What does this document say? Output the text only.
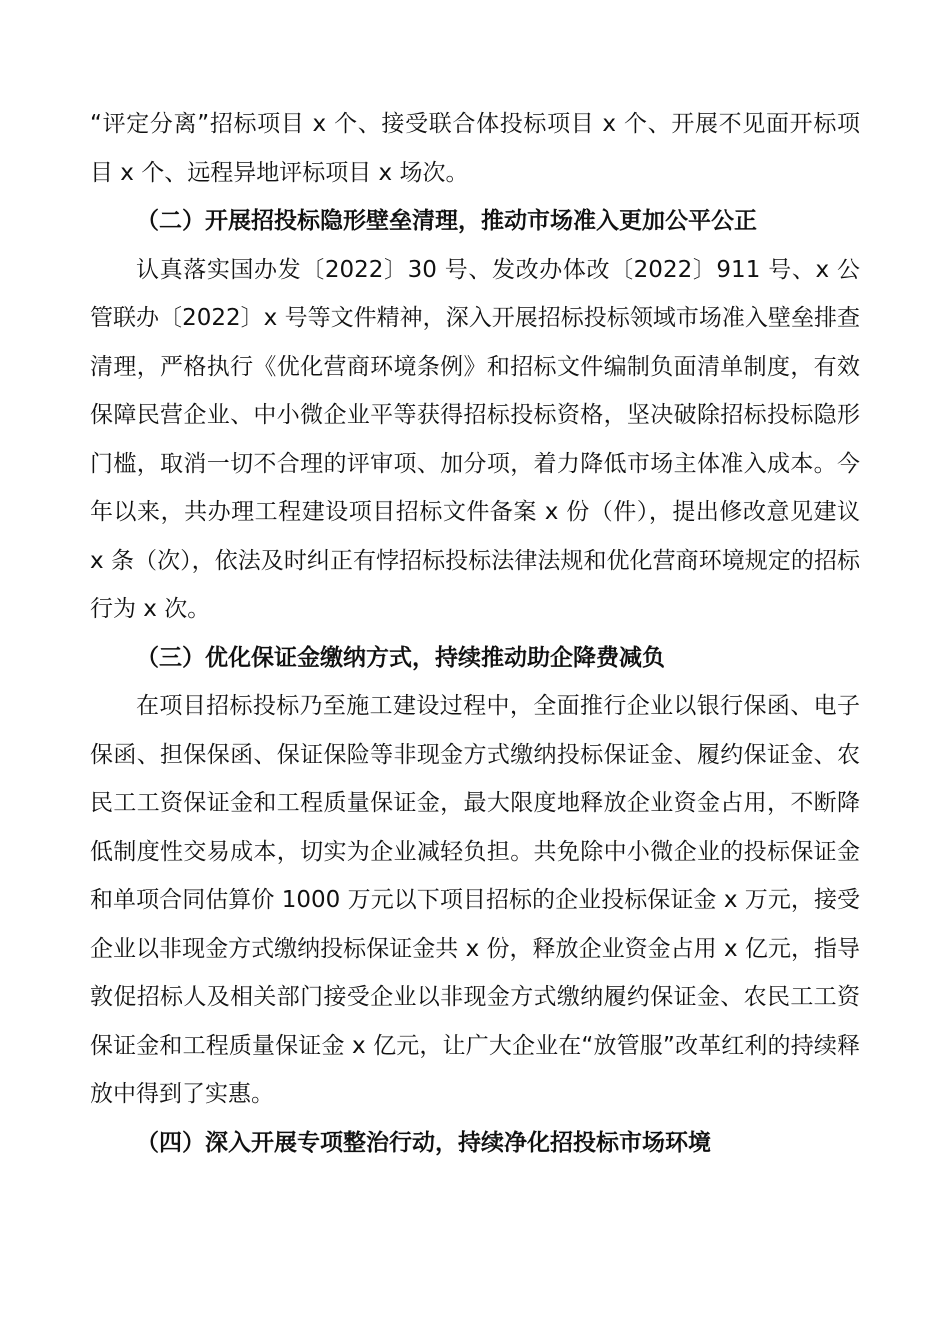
“评定分离”招标项目 x 个、接受联合体投标项目 x 个、开展不见面开标项目 x 个、远程异地评标项目 x 场次。

（二）开展招投标隐形壁垒清理，推动市场准入更加公平公正

认真落实国办发〔2022〕30 号、发改办体改〔2022〕911 号、x 公管联办〔2022〕x 号等文件精神，深入开展招标投标领域市场准入壁垒排查清理，严格执行《优化营商环境条例》和招标文件编制负面清单制度，有效保障民营企业、中小微企业平等获得招标投标资格，坚决破除招标投标隐形门槛，取消一切不合理的评审项、加分项，着力降低市场主体准入成本。今年以来，共办理工程建设项目招标文件备案 x 份（件），提出修改意见建议 x 条（次），依法及时纠正有悖招标投标法律法规和优化营商环境规定的招标行为 x 次。

（三）优化保证金缴纳方式，持续推动助企降费减负

在项目招标投标乃至施工建设过程中，全面推行企业以银行保函、电子保函、担保保函、保证保险等非现金方式缴纳投标保证金、履约保证金、农民工工资保证金和工程质量保证金，最大限度地释放企业资金占用，不断降低制度性交易成本，切实为企业减轻负担。共免除中小微企业的投标保证金和单项合同估算价 1000 万元以下项目招标的企业投标保证金 x 万元，接受企业以非现金方式缴纳投标保证金共 x 份，释放企业资金占用 x 亿元，指导敦促招标人及相关部门接受企业以非现金方式缴纳履约保证金、农民工工资保证金和工程质量保证金 x 亿元，让广大企业在“放管服”改革红利的持续释放中得到了实惠。

（四）深入开展专项整治行动，持续净化招投标市场环境
